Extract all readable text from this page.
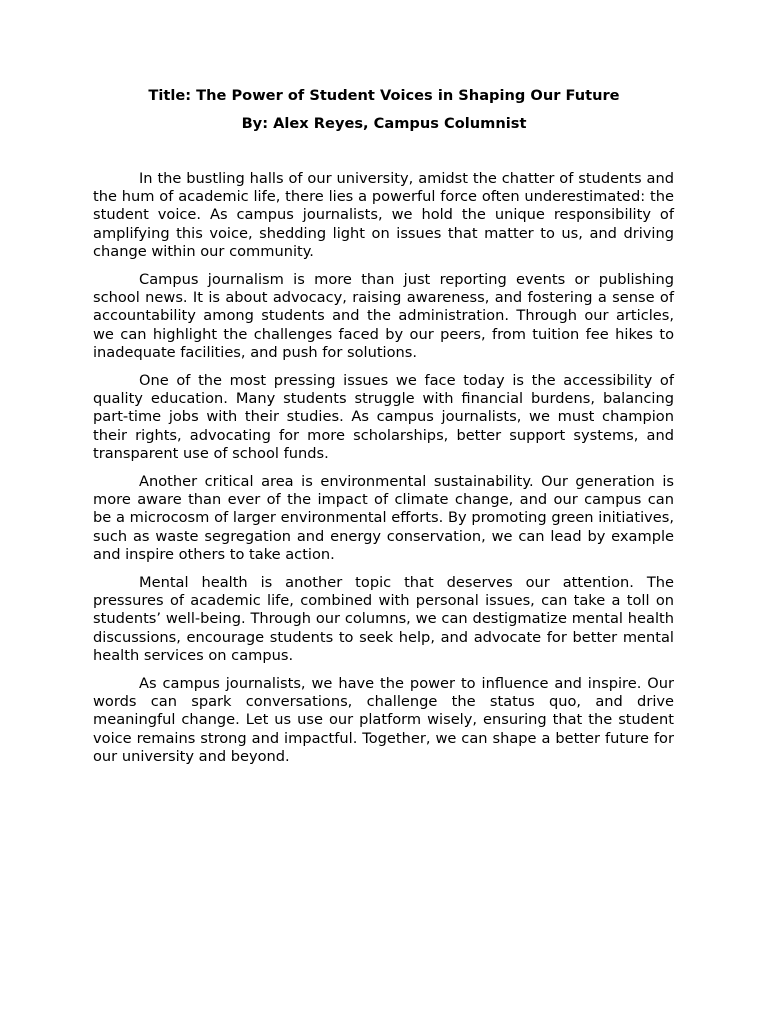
Title: The Power of Student Voices in Shaping Our Future
By: Alex Reyes, Campus Columnist

In the bustling halls of our university, amidst the chatter of students and the hum of academic life, there lies a powerful force often underestimated: the student voice. As campus journalists, we hold the unique responsibility of amplifying this voice, shedding light on issues that matter to us, and driving change within our community.

Campus journalism is more than just reporting events or publishing school news. It is about advocacy, raising awareness, and fostering a sense of accountability among students and the administration. Through our articles, we can highlight the challenges faced by our peers, from tuition fee hikes to inadequate facilities, and push for solutions.

One of the most pressing issues we face today is the accessibility of quality education. Many students struggle with financial burdens, balancing part-time jobs with their studies. As campus journalists, we must champion their rights, advocating for more scholarships, better support systems, and transparent use of school funds.

Another critical area is environmental sustainability. Our generation is more aware than ever of the impact of climate change, and our campus can be a microcosm of larger environmental efforts. By promoting green initiatives, such as waste segregation and energy conservation, we can lead by example and inspire others to take action.

Mental health is another topic that deserves our attention. The pressures of academic life, combined with personal issues, can take a toll on students’ well-being. Through our columns, we can destigmatize mental health discussions, encourage students to seek help, and advocate for better mental health services on campus.

As campus journalists, we have the power to influence and inspire. Our words can spark conversations, challenge the status quo, and drive meaningful change. Let us use our platform wisely, ensuring that the student voice remains strong and impactful. Together, we can shape a better future for our university and beyond.
